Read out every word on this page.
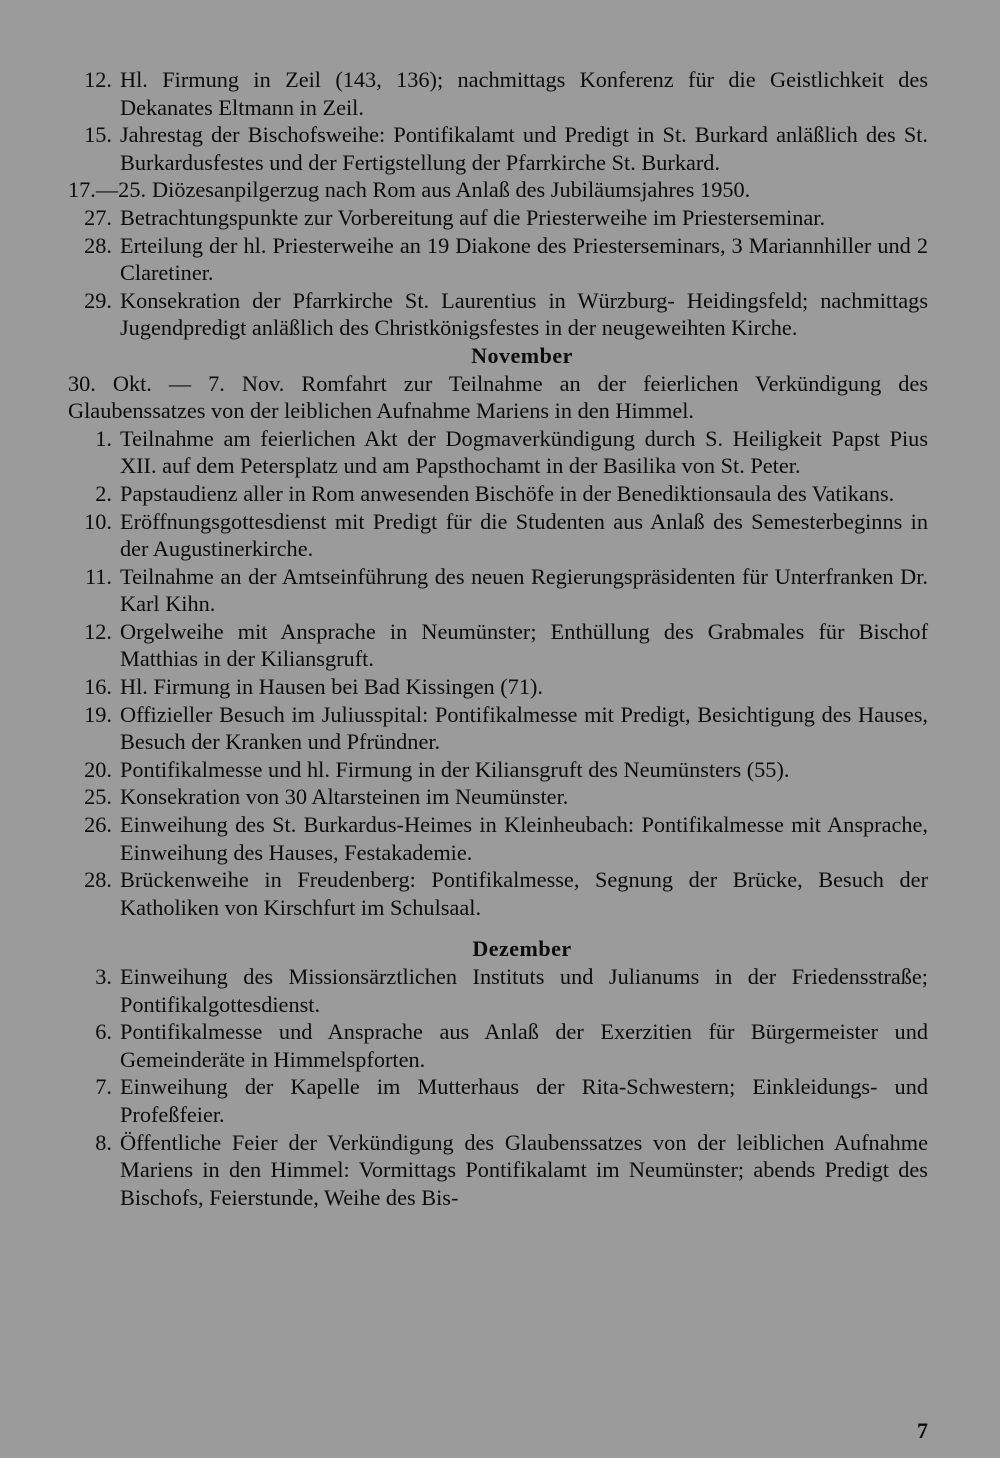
12. Hl. Firmung in Zeil (143, 136); nachmittags Konferenz für die Geistlichkeit des Dekanates Eltmann in Zeil.
15. Jahrestag der Bischofsweihe: Pontifikalamt und Predigt in St. Burkard anläßlich des St. Burkardusfestes und der Fertigstellung der Pfarrkirche St. Burkard.
17.—25. Diözesanpilgerzug nach Rom aus Anlaß des Jubiläumsjahres 1950.
27. Betrachtungspunkte zur Vorbereitung auf die Priesterweihe im Priesterseminar.
28. Erteilung der hl. Priesterweihe an 19 Diakone des Priesterseminars, 3 Mariannhiller und 2 Claretiner.
29. Konsekration der Pfarrkirche St. Laurentius in Würzburg- Heidingsfeld; nachmittags Jugendpredigt anläßlich des Christkönigsfestes in der neugeweihten Kirche.
November
30. Okt. — 7. Nov. Romfahrt zur Teilnahme an der feierlichen Verkündigung des Glaubenssatzes von der leiblichen Aufnahme Mariens in den Himmel.
1. Teilnahme am feierlichen Akt der Dogmaverkündigung durch S. Heiligkeit Papst Pius XII. auf dem Petersplatz und am Papsthochamt in der Basilika von St. Peter.
2. Papstaudienz aller in Rom anwesenden Bischöfe in der Benediktionsaula des Vatikans.
10. Eröffnungsgottesdienst mit Predigt für die Studenten aus Anlaß des Semesterbeginns in der Augustinerkirche.
11. Teilnahme an der Amtseinführung des neuen Regierungspräsidenten für Unterfranken Dr. Karl Kihn.
12. Orgelweihe mit Ansprache in Neumünster; Enthüllung des Grabmales für Bischof Matthias in der Kiliansgruft.
16. Hl. Firmung in Hausen bei Bad Kissingen (71).
19. Offizieller Besuch im Juliusspital: Pontifikalmesse mit Predigt, Besichtigung des Hauses, Besuch der Kranken und Pfründner.
20. Pontifikalmesse und hl. Firmung in der Kiliansgruft des Neumünsters (55).
25. Konsekration von 30 Altarsteinen im Neumünster.
26. Einweihung des St. Burkardus-Heimes in Kleinheubach: Pontifikalmesse mit Ansprache, Einweihung des Hauses, Festakademie.
28. Brückenweihe in Freudenberg: Pontifikalmesse, Segnung der Brücke, Besuch der Katholiken von Kirschfurt im Schulsaal.
Dezember
3. Einweihung des Missionsärztlichen Instituts und Julianums in der Friedensstraße; Pontifikalgottesdienst.
6. Pontifikalmesse und Ansprache aus Anlaß der Exerzitien für Bürgermeister und Gemeinderäte in Himmelspforten.
7. Einweihung der Kapelle im Mutterhaus der Rita-Schwestern; Einkleidungs- und Profeßfeier.
8. Öffentliche Feier der Verkündigung des Glaubenssatzes von der leiblichen Aufnahme Mariens in den Himmel: Vormittags Pontifikalamt im Neumünster; abends Predigt des Bischofs, Feierstunde, Weihe des Bis-
7
